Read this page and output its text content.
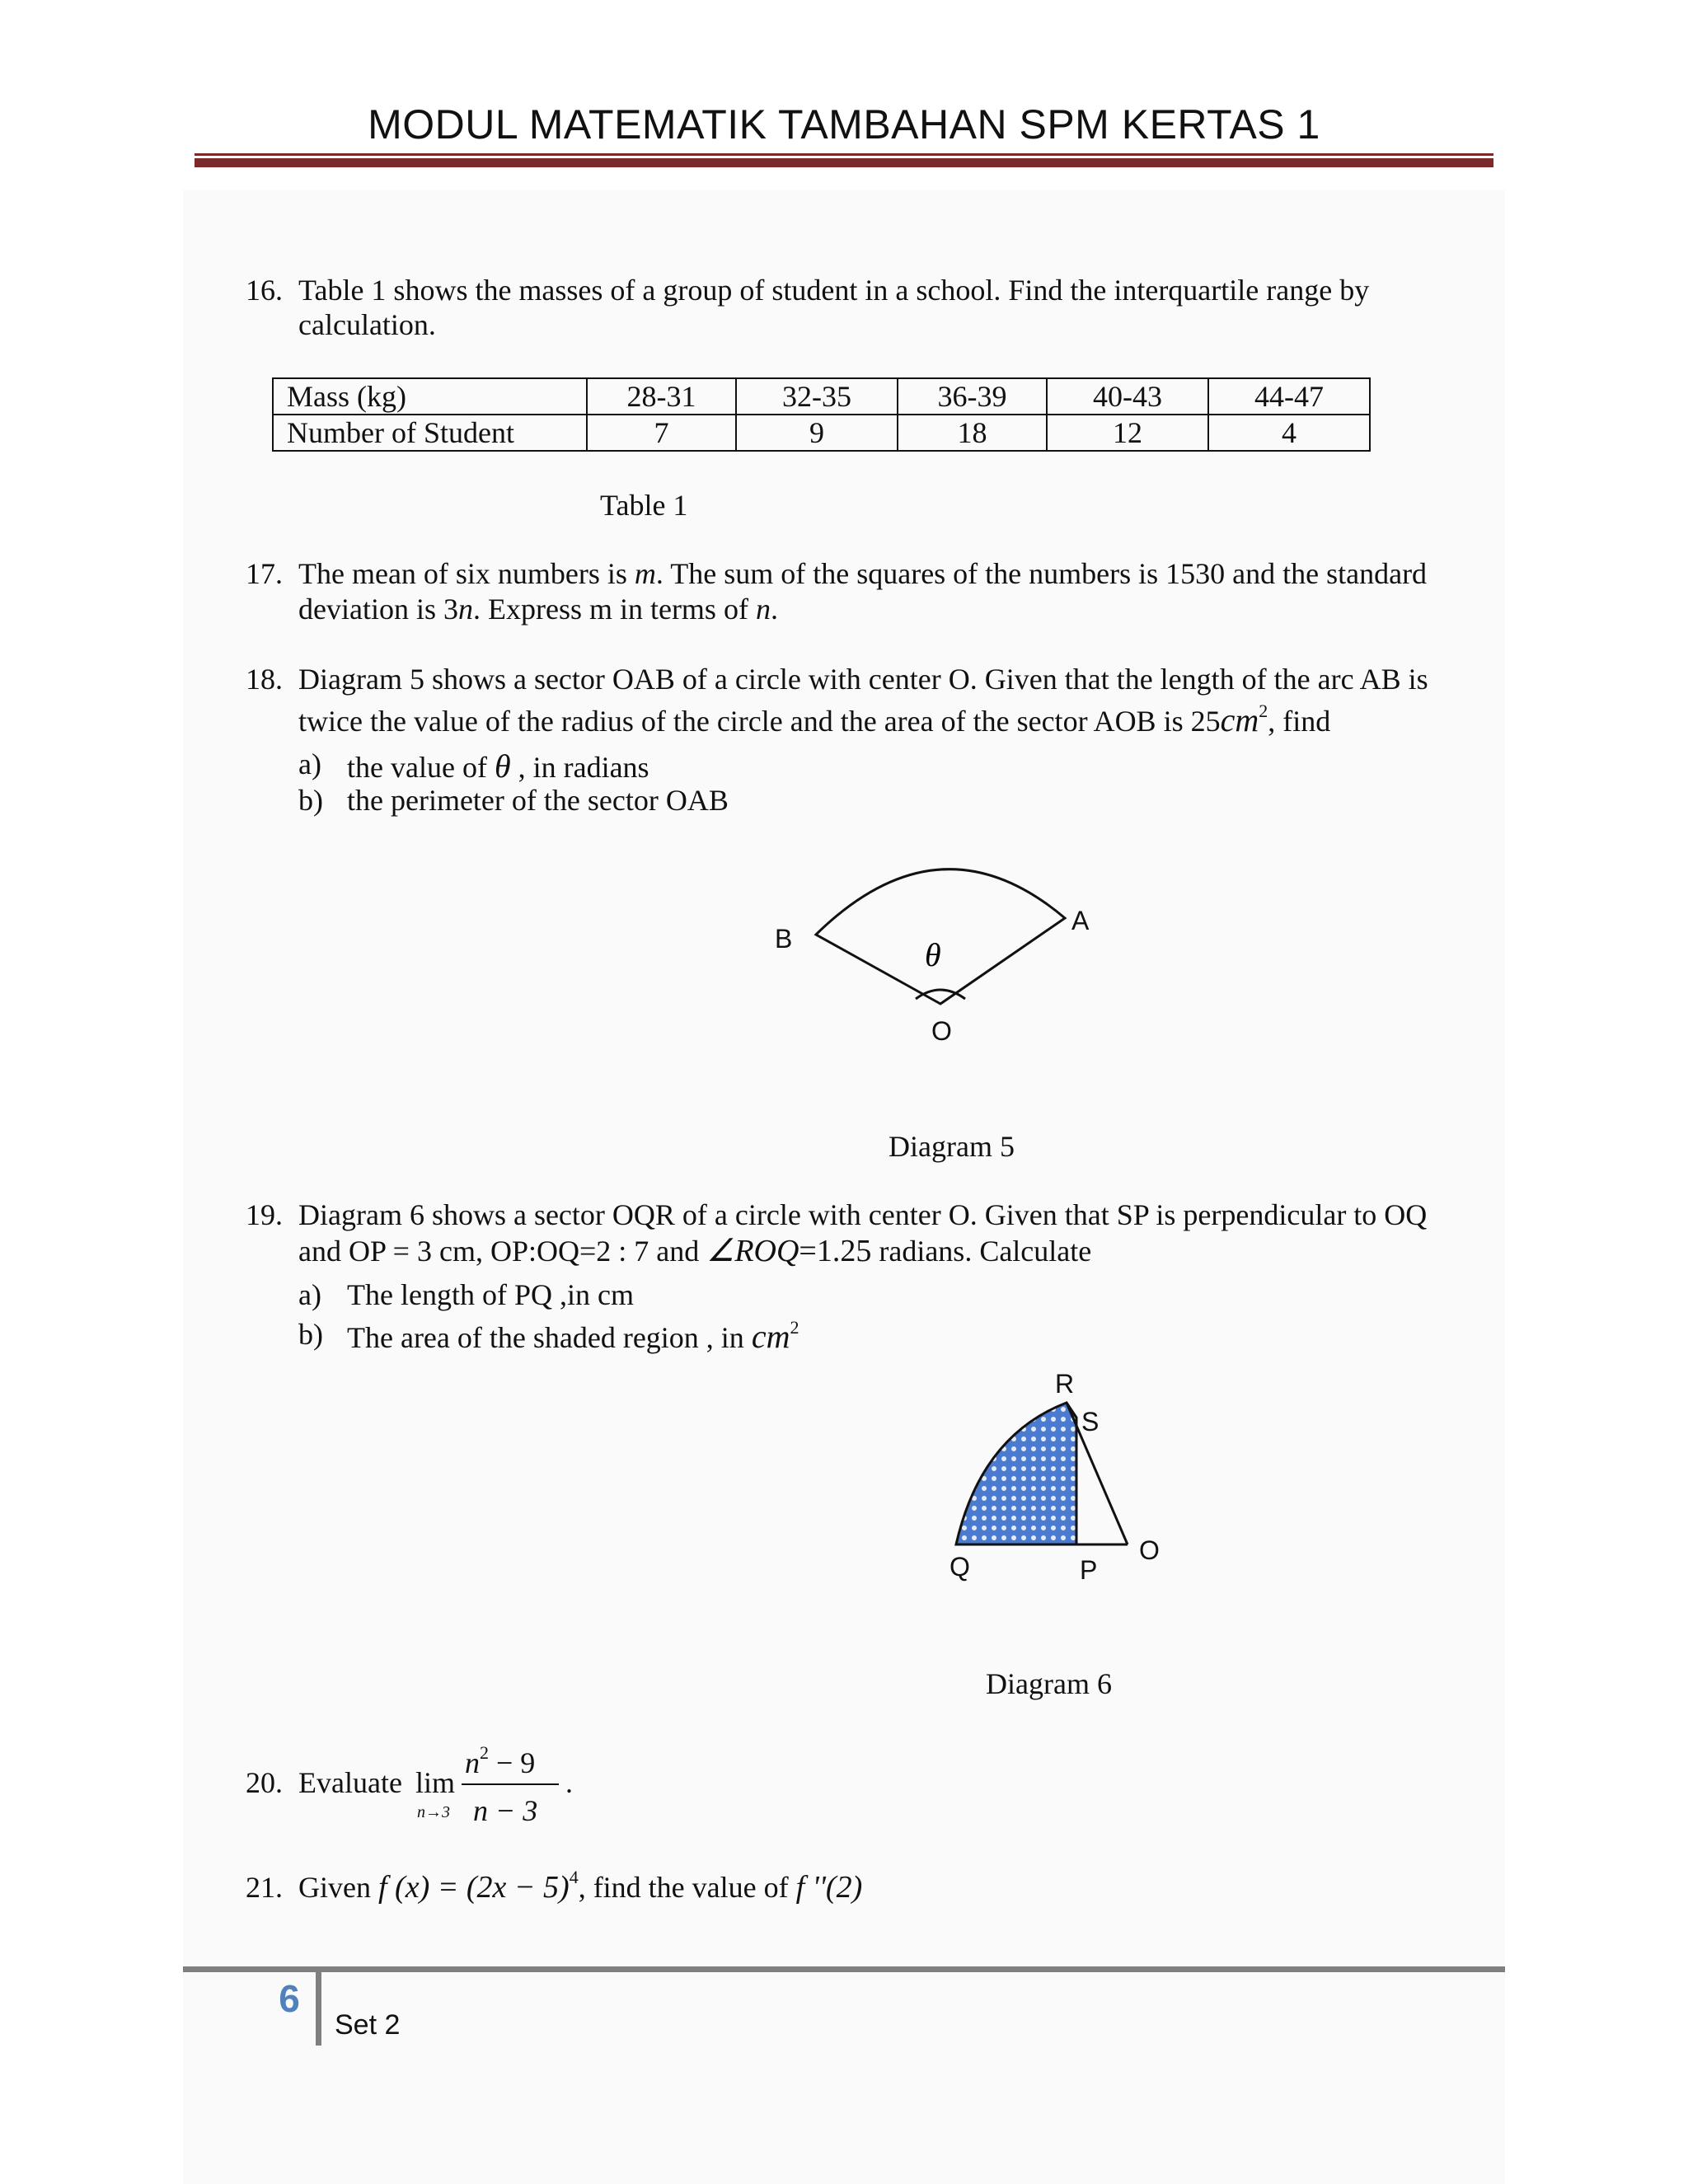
MODUL MATEMATIK TAMBAHAN SPM KERTAS 1
16. Table 1 shows the masses of a group of student in a school. Find the interquartile range by
calculation.
Mass (kg)	28-31	32-35	36-39	40-43	44-47
Number of Student	7	9	18	12	4
Table 1
17. The mean of six numbers is m. The sum of the squares of the numbers is 1530 and the standard
deviation is 3n. Express m in terms of n.
18. Diagram 5 shows a sector OAB of a circle with center O. Given that the length of the arc AB is
twice the value of the radius of the circle and the area of the sector AOB is $25cm^2$, find
a) the value of θ , in radians
b) the perimeter of the sector OAB
B
A
O
θ
Diagram 5
19. Diagram 6 shows a sector OQR of a circle with center O. Given that SP is perpendicular to OQ
and OP = 3 cm, OP:OQ=2 : 7 and ∠ROQ=1.25 radians. Calculate
a) The length of PQ ,in cm
b) The area of the shaded region , in $cm^2$
R
S
Q	P
O
Diagram 6
20. Evaluate lim
n→3
$n^2 - 9$
n − 3
.
21. Given f $(x) = (2x - 5)^4$, find the value of f ''(2)
6
Set 2
